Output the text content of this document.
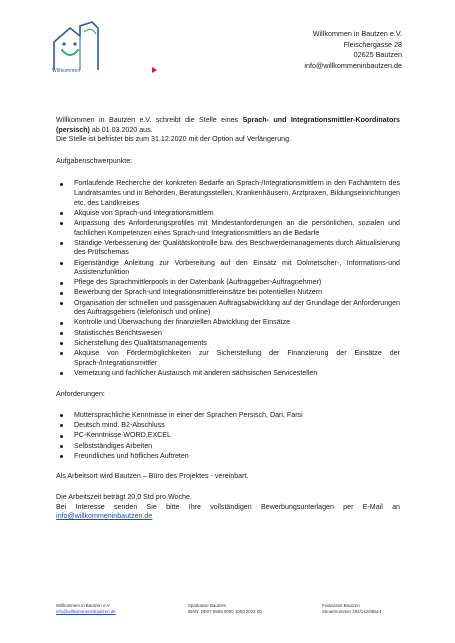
Willkommen
Willkommen in Bautzen e.V.
Fleischergasse 28
02625 Bautzen
info@willkommeninbautzen.de
Willkommen in Bautzen e.V. schreibt die Stelle eines Sprach- und Integrationsmittler-Koordinators (persisch) ab 01.03.2020 aus.
Die Stelle ist befristet bis zum 31.12.2020 mit der Option auf Verlängerung.
Aufgabenschwerpunkte:
Fortlaufende Recherche der konkreten Bedarfe an Sprach-/Integrationsmittlern in den Fachämtern des Landratsamtes und in Behörden, Beratungsstellen, Krankenhäusern, Arztpraxen, Bildungseinrichtungen etc. des Landkreises
Akquise von Sprach-und Integrationsmittlern
Anpassung des Anforderungsprofiles mit Mindestanforderungen an die persönlichen, sozialen und fachlichen Kompetenzen eines Sprach-und Integrationsmittlers an die Bedarfe
Ständige Verbesserung der Qualitätskontrolle bzw. des Beschwerdemanagements durch Aktualisierung des Prüfschemas
Eigenständige Anleitung zur Vorbereitung auf den Einsatz mit Dolmetscher-, Informations-und Assistenzfunktion
Pflege des Sprachmittlerpools in der Datenbank (Auftraggeber-Auftragnehmer)
Bewerbung der Sprach-und Integrationsmittlereinsätze bei potentiellen Nutzern
Organisation der schnellen und passgenauen Auftragsabwicklung auf der Grundlage der Anforderungen des Auftragsgebers (telefonisch und online)
Kontrolle und Überwachung der finanziellen Abwicklung der Einsätze
Statistisches Berichtswesen
Sicherstellung des Qualitätsmanagements
Akquise von Fördermöglichkeiten zur Sicherstellung der Finanzierung der Einsätze der Sprach-/Integrationsmittler
Vernetzung und fachlicher Austausch mit anderen sächsischen Servicestellen
Anforderungen:
Muttersprachliche Kenntnisse in einer der Sprachen Persisch, Dari, Farsi
Deutsch mind. B2-Abschluss
PC-Kenntnisse WORD,EXCEL
Selbstständiges Arbeiten
Freundliches und höfliches Auftreten
Als Arbeitsort wird Bautzen – Büro des Projektes - vereinbart.
Die Arbeitszeit beträgt 20,0 Std pro Woche.
Bei Interesse senden Sie bitte Ihre vollständigen Bewerbungsunterlagen per E-Mail an info@willkommeninbautzen.de
Willkommen in Bautzen e.V.
info@willkommeninbautzen.de
Sparkasse Bautzen
IBAN: DE07 8555 0000 1000 2022 00
Finanzamt Bautzen
Steuernummer 204/142/08514
